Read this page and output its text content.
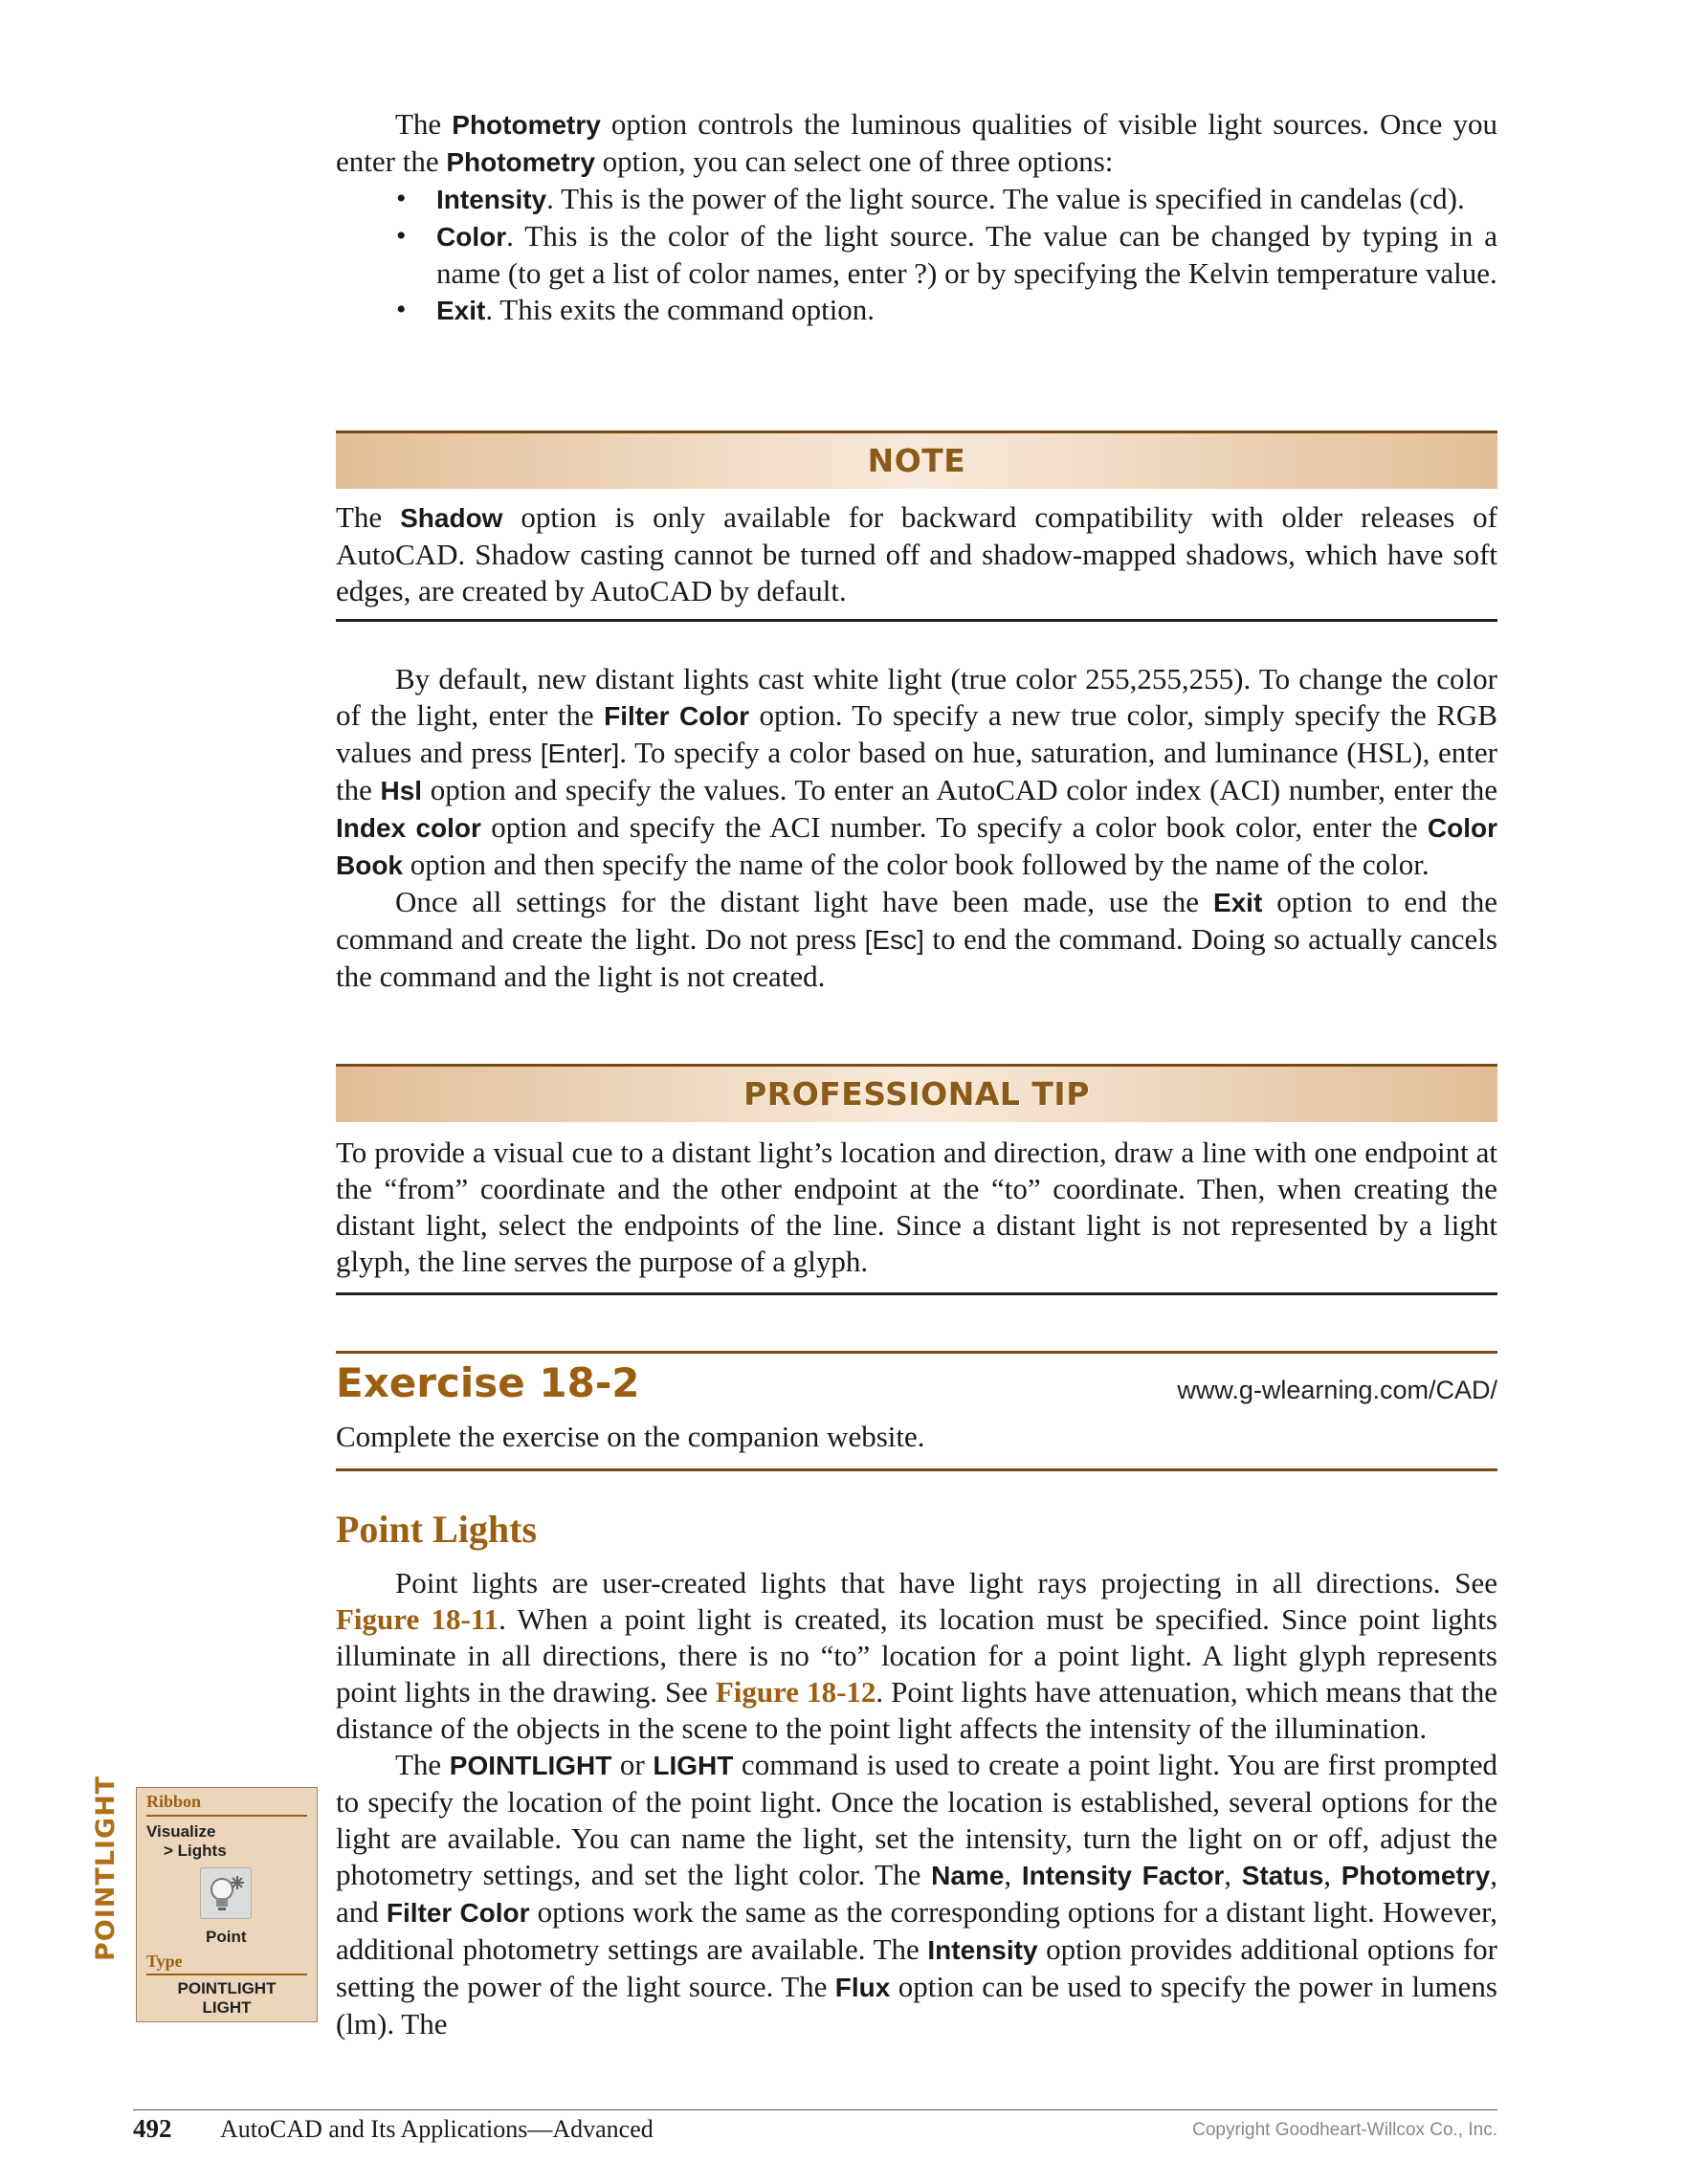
The Photometry option controls the luminous qualities of visible light sources. Once you enter the Photometry option, you can select one of three options:

• Intensity. This is the power of the light source. The value is specified in candelas (cd).
• Color. This is the color of the light source. The value can be changed by typing in a name (to get a list of color names, enter ?) or by specifying the Kelvin temperature value.
• Exit. This exits the command option.
NOTE

The Shadow option is only available for backward compatibility with older releases of AutoCAD. Shadow casting cannot be turned off and shadow-mapped shadows, which have soft edges, are created by AutoCAD by default.

By default, new distant lights cast white light (true color 255,255,255). To change the color of the light, enter the Filter Color option. To specify a new true color, simply specify the RGB values and press [Enter]. To specify a color based on hue, saturation, and luminance (HSL), enter the Hsl option and specify the values. To enter an AutoCAD color index (ACI) number, enter the Index color option and specify the ACI number. To specify a color book color, enter the Color Book option and then specify the name of the color book followed by the name of the color.

Once all settings for the distant light have been made, use the Exit option to end the command and create the light. Do not press [Esc] to end the command. Doing so actually cancels the command and the light is not created.

PROFESSIONAL TIP

To provide a visual cue to a distant light’s location and direction, draw a line with one endpoint at the “from” coordinate and the other endpoint at the “to” coordinate. Then, when creating the distant light, select the endpoints of the line. Since a distant light is not represented by a light glyph, the line serves the purpose of a glyph.

Exercise 18-2	www.g-wlearning.com/CAD/

Complete the exercise on the companion website.

Point Lights

Point lights are user-created lights that have light rays projecting in all directions. See Figure 18-11. When a point light is created, its location must be specified. Since point lights illuminate in all directions, there is no “to” location for a point light. A light glyph represents point lights in the drawing. See Figure 18-12. Point lights have attenuation, which means that the distance of the objects in the scene to the point light affects the intensity of the illumination.

The POINTLIGHT or LIGHT command is used to create a point light. You are first prompted to specify the location of the point light. Once the location is established, several options for the light are available. You can name the light, set the intensity, turn the light on or off, adjust the photometry settings, and set the light color. The Name, Intensity Factor, Status, Photometry, and Filter Color options work the same as the corresponding options for a distant light. However, additional photometry settings are available. The Intensity option provides additional options for setting the power of the light source. The Flux option can be used to specify the power in lumens (lm). The

POINTLIGHT Ribbon
Visualize
> Lights
Point
Type
POINTLIGHT
LIGHT
492 AutoCAD and Its Applications—Advanced	Copyright Goodheart-Willcox Co., Inc.
